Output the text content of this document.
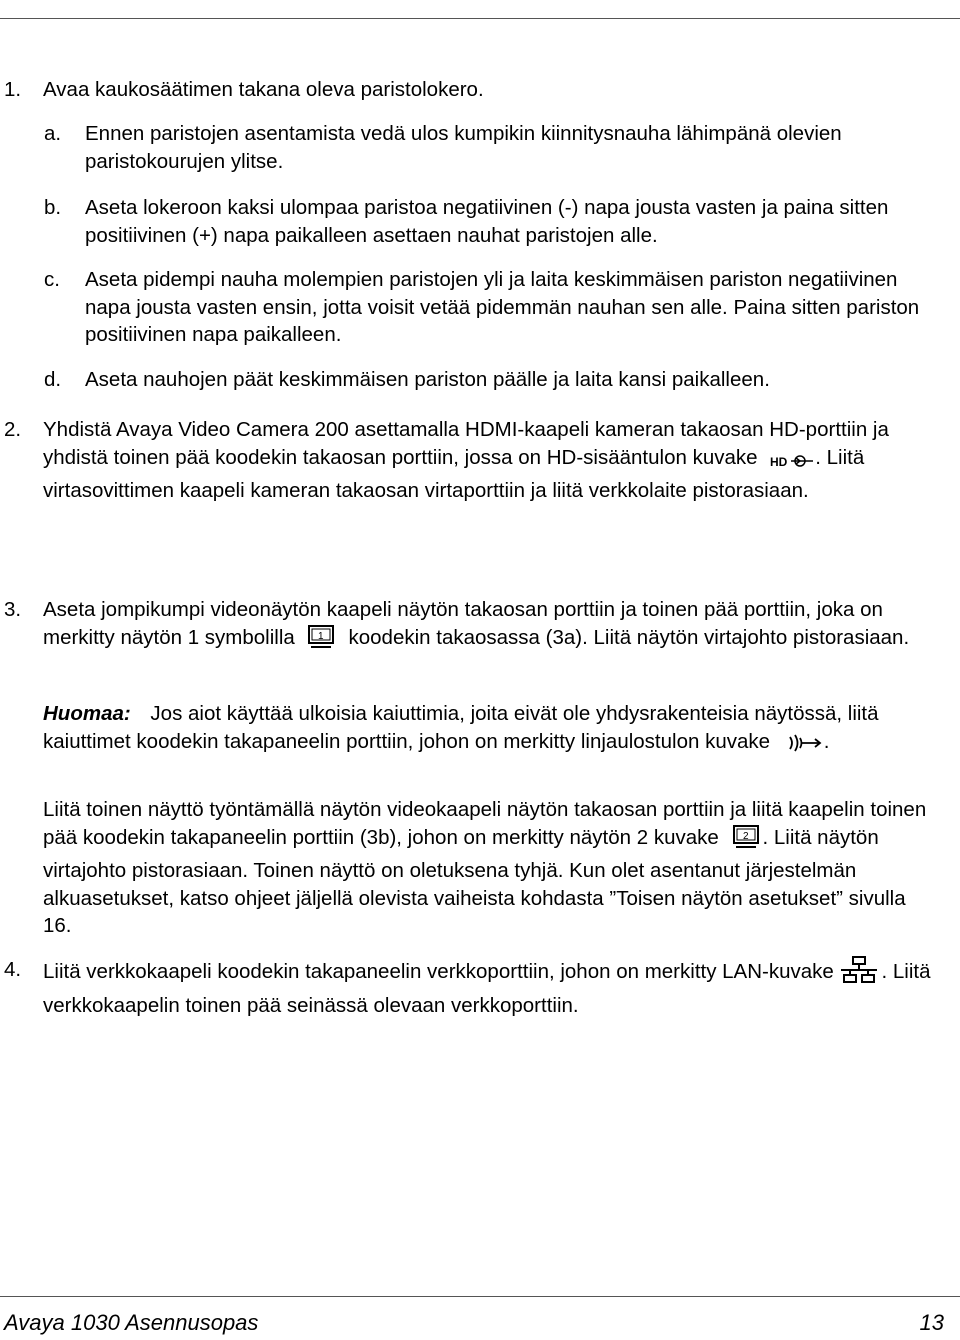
1. Avaa kaukosäätimen takana oleva paristolokero.
a. Ennen paristojen asentamista vedä ulos kumpikin kiinnitysnauha lähimpänä olevien paristokourujen ylitse.
b. Aseta lokeroon kaksi ulompaa paristoa negatiivinen (-) napa jousta vasten ja paina sitten positiivinen (+) napa paikalleen asettaen nauhat paristojen alle.
c. Aseta pidempi nauha molempien paristojen yli ja laita keskimmäisen pariston negatiivinen napa jousta vasten ensin, jotta voisit vetää pidemmän nauhan sen alle. Paina sitten pariston positiivinen napa paikalleen.
d. Aseta nauhojen päät keskimmäisen pariston päälle ja laita kansi paikalleen.
2. Yhdistä Avaya Video Camera 200 asettamalla HDMI-kaapeli kameran takaosan HD-porttiin ja yhdistä toinen pää koodekin takaosan porttiin, jossa on HD-sisääntulon kuvake HD . Liitä virtasovittimen kaapeli kameran takaosan virtaporttiin ja liitä verkkolaite pistorasiaan.
3. Aseta jompikumpi videonäytön kaapeli näytön takaosan porttiin ja toinen pää porttiin, joka on merkitty näytön 1 symbolilla 1 koodekin takaosassa (3a). Liitä näytön virtajohto pistorasiaan.
Huomaa: Jos aiot käyttää ulkoisia kaiuttimia, joita eivät ole yhdysrakenteisia näytössä, liitä kaiuttimet koodekin takapaneelin porttiin, johon on merkitty linjaulostulon kuvake	.
Liitä toinen näyttö työntämällä näytön videokaapeli näytön takaosan porttiin ja liitä kaapelin toinen pää koodekin takapaneelin porttiin (3b), johon on merkitty näytön 2 kuvake 2 . Liitä näytön virtajohto pistorasiaan. Toinen näyttö on oletuksena tyhjä. Kun olet asentanut järjestelmän alkuasetukset, katso ohjeet jäljellä olevista vaiheista kohdasta ”Toisen näytön asetukset” sivulla 16.
4. Liitä verkkokaapeli koodekin takapaneelin verkkoporttiin, johon on merkitty LAN-kuvake . Liitä verkkokaapelin toinen pää seinässä olevaan verkkoporttiin.
Avaya 1030 Asennusopas	13
